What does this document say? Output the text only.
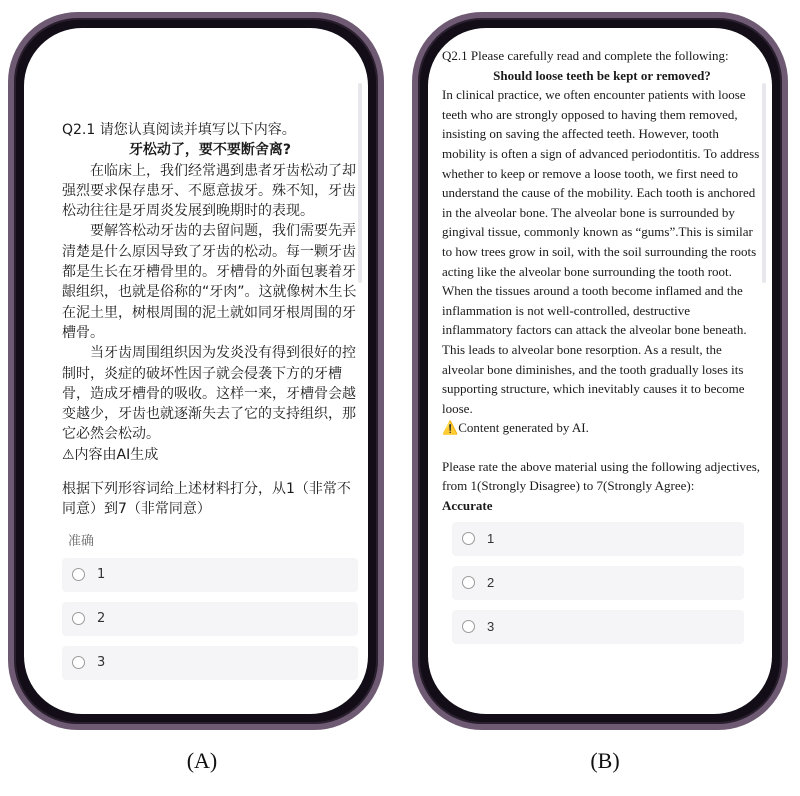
Q2.1 请您认真阅读并填写以下内容。

牙松动了，要不要断舍离?

在临床上，我们经常遇到患者牙齿松动了却强烈要求保存患牙、不愿意拔牙。殊不知，牙齿松动往往是牙周炎发展到晚期时的表现。

要解答松动牙齿的去留问题，我们需要先弄清楚是什么原因导致了牙齿的松动。每一颗牙齿都是生长在牙槽骨里的。牙槽骨的外面包裹着牙龈组织，也就是俗称的“牙肉”。这就像树木生长在泥土里，树根周围的泥土就如同牙根周围的牙槽骨。

当牙齿周围组织因为发炎没有得到很好的控制时，炎症的破坏性因子就会侵袭下方的牙槽骨，造成牙槽骨的吸收。这样一来，牙槽骨会越变越少，牙齿也就逐渐失去了它的支持组织，那它必然会松动。

⚠内容由AI生成

根据下列形容词给上述材料打分，从1（非常不同意）到7（非常同意）

准确

1
2
3

Q2.1 Please carefully read and complete the following:

Should loose teeth be kept or removed?

In clinical practice, we often encounter patients with loose teeth who are strongly opposed to having them removed, insisting on saving the affected teeth. However, tooth mobility is often a sign of advanced periodontitis. To address whether to keep or remove a loose tooth, we first need to understand the cause of the mobility. Each tooth is anchored in the alveolar bone. The alveolar bone is surrounded by gingival tissue, commonly known as “gums”.This is similar to how trees grow in soil, with the soil surrounding the roots acting like the alveolar bone surrounding the tooth root.

When the tissues around a tooth become inflamed and the inflammation is not well-controlled, destructive inflammatory factors can attack the alveolar bone beneath. This leads to alveolar bone resorption. As a result, the alveolar bone diminishes, and the tooth gradually loses its supporting structure, which inevitably causes it to become loose.

⚠️Content generated by AI.

Please rate the above material using the following adjectives, from 1(Strongly Disagree) to 7(Strongly Agree):

Accurate

1
2
3
(A)	(B)
